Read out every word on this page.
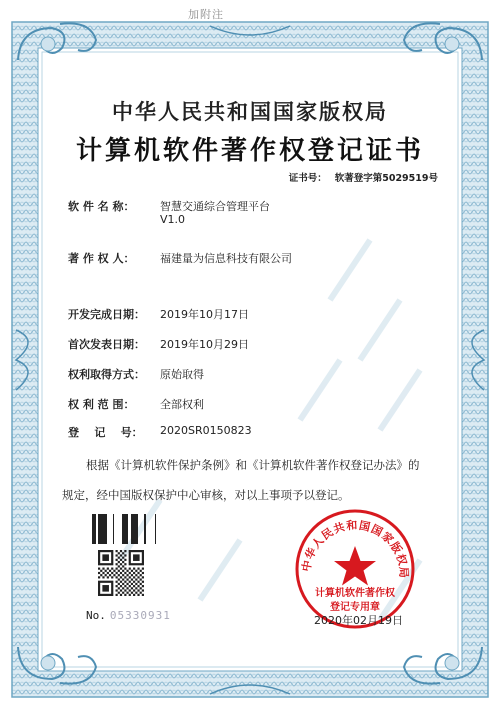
加附注
中华人民共和国国家版权局
计算机软件著作权登记证书
证书号： 软著登字第5029519号
软 件 名 称： 智慧交通综合管理平台
V1.0
著 作 权 人： 福建量为信息科技有限公司
开发完成日期： 2019年10月17日
首次发表日期： 2019年10月29日
权利取得方式： 原始取得
权 利 范 围： 全部权利
登    记    号： 2020SR0150823
根据《计算机软件保护条例》和《计算机软件著作权登记办法》的
规定，经中国版权保护中心审核，对以上事项予以登记。
No. 05330931
中华人民共和国国家版权局
计算机软件著作权
登记专用章
2020年02月19日
